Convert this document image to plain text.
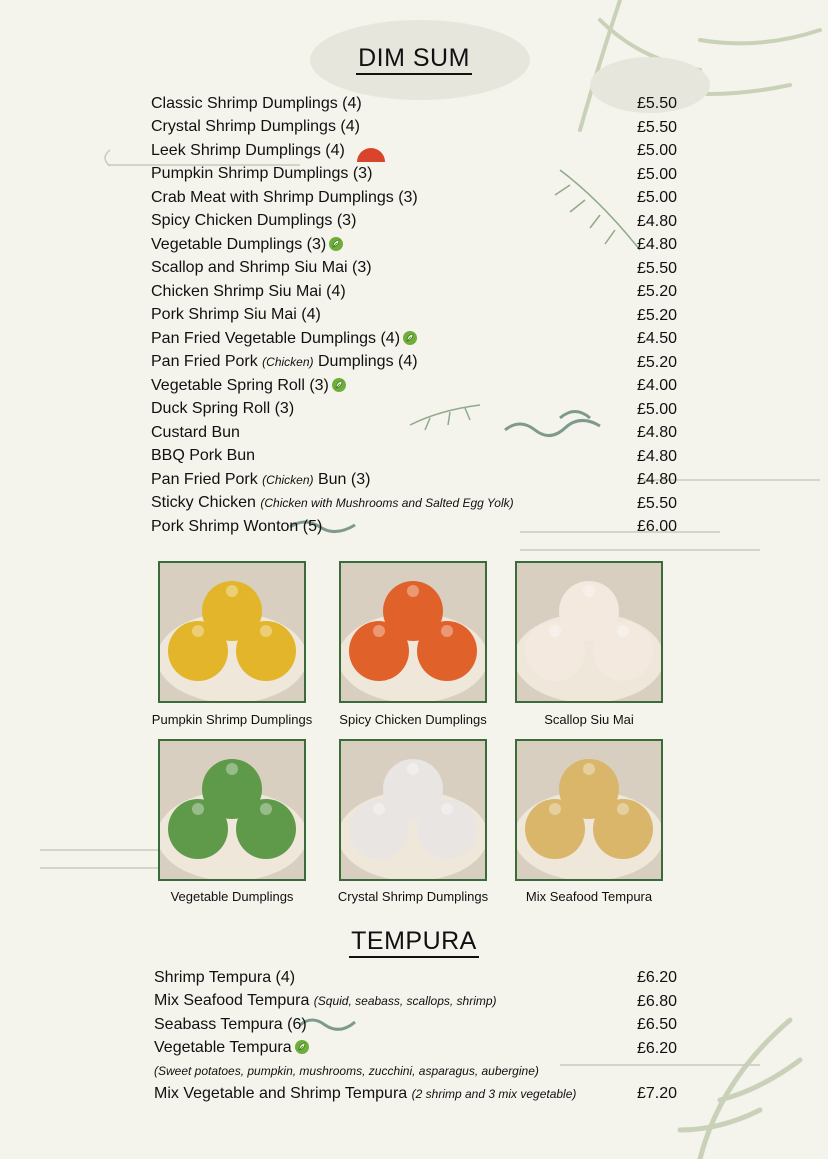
DIM SUM
Classic Shrimp Dumplings (4)	£5.50
Crystal Shrimp Dumplings (4)	£5.50
Leek Shrimp Dumplings (4)	£5.00
Pumpkin Shrimp Dumplings (3)	£5.00
Crab Meat with Shrimp Dumplings (3)	£5.00
Spicy Chicken Dumplings (3)	£4.80
Vegetable Dumplings (3)	£4.80
Scallop and Shrimp Siu Mai (3)	£5.50
Chicken Shrimp Siu Mai (4)	£5.20
Pork Shrimp Siu Mai (4)	£5.20
Pan Fried Vegetable Dumplings (4)	£4.50
Pan Fried Pork (Chicken) Dumplings (4)	£5.20
Vegetable Spring Roll (3)	£4.00
Duck Spring Roll (3)	£5.00
Custard Bun	£4.80
BBQ Pork Bun	£4.80
Pan Fried Pork (Chicken) Bun (3)	£4.80
Sticky Chicken (Chicken with Mushrooms and Salted Egg Yolk)	£5.50
Pork Shrimp Wonton (5)	£6.00
Pumpkin Shrimp Dumplings	Spicy Chicken Dumplings	Scallop Siu Mai
Vegetable Dumplings	Crystal Shrimp Dumplings	Mix Seafood Tempura
TEMPURA
Shrimp Tempura (4)	£6.20
Mix Seafood Tempura (Squid, seabass, scallops, shrimp)	£6.80
Seabass Tempura (6)	£6.50
Vegetable Tempura	£6.20
(Sweet potatoes, pumpkin, mushrooms, zucchini, asparagus, aubergine)
Mix Vegetable and Shrimp Tempura (2 shrimp and 3 mix vegetable)	£7.20
